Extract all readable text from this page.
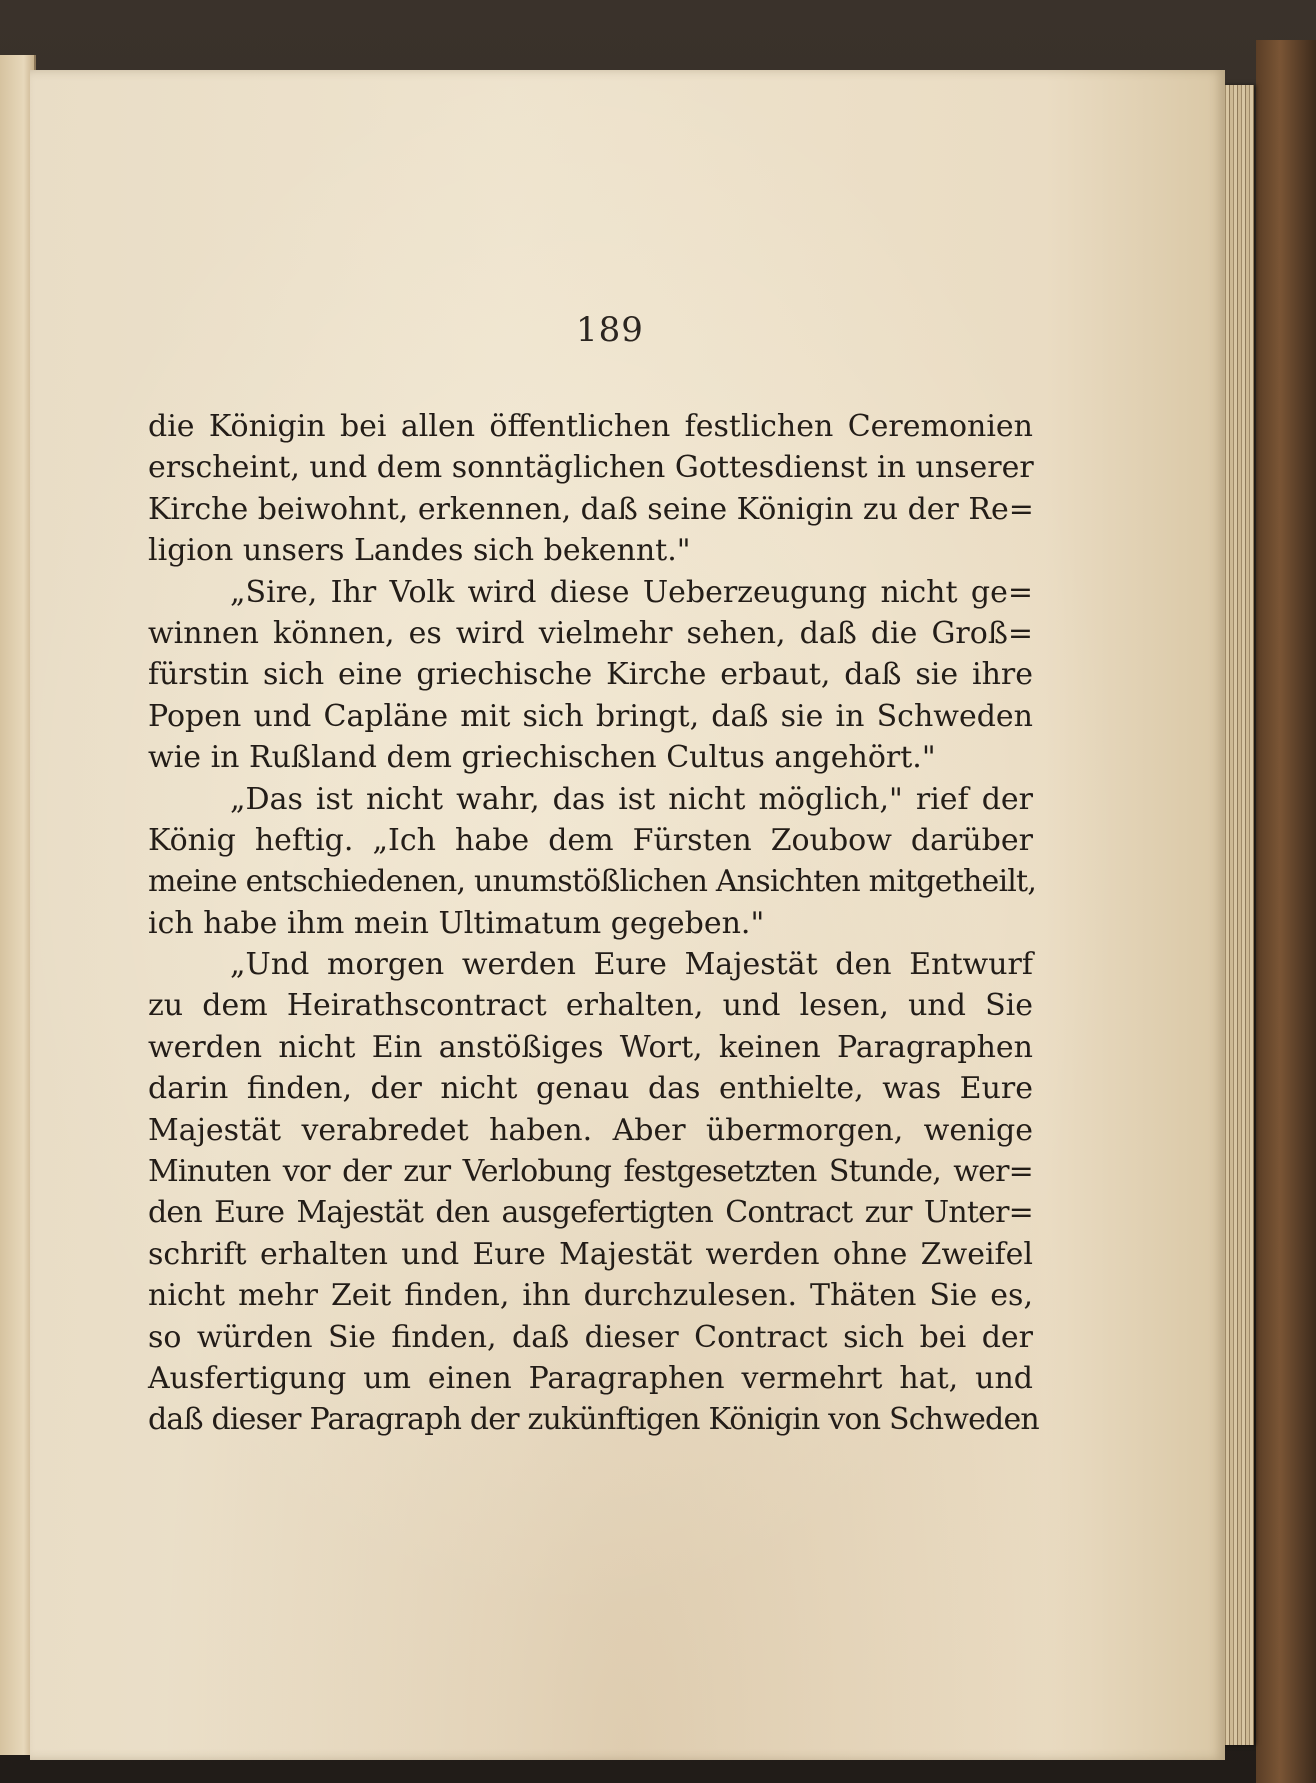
189
die Königin bei allen öffentlichen festlichen Ceremonien
erscheint, und dem sonntäglichen Gottesdienst in unserer
Kirche beiwohnt, erkennen, daß seine Königin zu der Re=
ligion unsers Landes sich bekennt."
„Sire, Ihr Volk wird diese Ueberzeugung nicht ge=
winnen können, es wird vielmehr sehen, daß die Groß=
fürstin sich eine griechische Kirche erbaut, daß sie ihre
Popen und Capläne mit sich bringt, daß sie in Schweden
wie in Rußland dem griechischen Cultus angehört."
„Das ist nicht wahr, das ist nicht möglich," rief der
König heftig. „Ich habe dem Fürsten Zoubow darüber
meine entschiedenen, unumstößlichen Ansichten mitgetheilt,
ich habe ihm mein Ultimatum gegeben."
„Und morgen werden Eure Majestät den Entwurf
zu dem Heirathscontract erhalten, und lesen, und Sie
werden nicht Ein anstößiges Wort, keinen Paragraphen
darin finden, der nicht genau das enthielte, was Eure
Majestät verabredet haben. Aber übermorgen, wenige
Minuten vor der zur Verlobung festgesetzten Stunde, wer=
den Eure Majestät den ausgefertigten Contract zur Unter=
schrift erhalten und Eure Majestät werden ohne Zweifel
nicht mehr Zeit finden, ihn durchzulesen. Thäten Sie es,
so würden Sie finden, daß dieser Contract sich bei der
Ausfertigung um einen Paragraphen vermehrt hat, und
daß dieser Paragraph der zukünftigen Königin von Schweden
